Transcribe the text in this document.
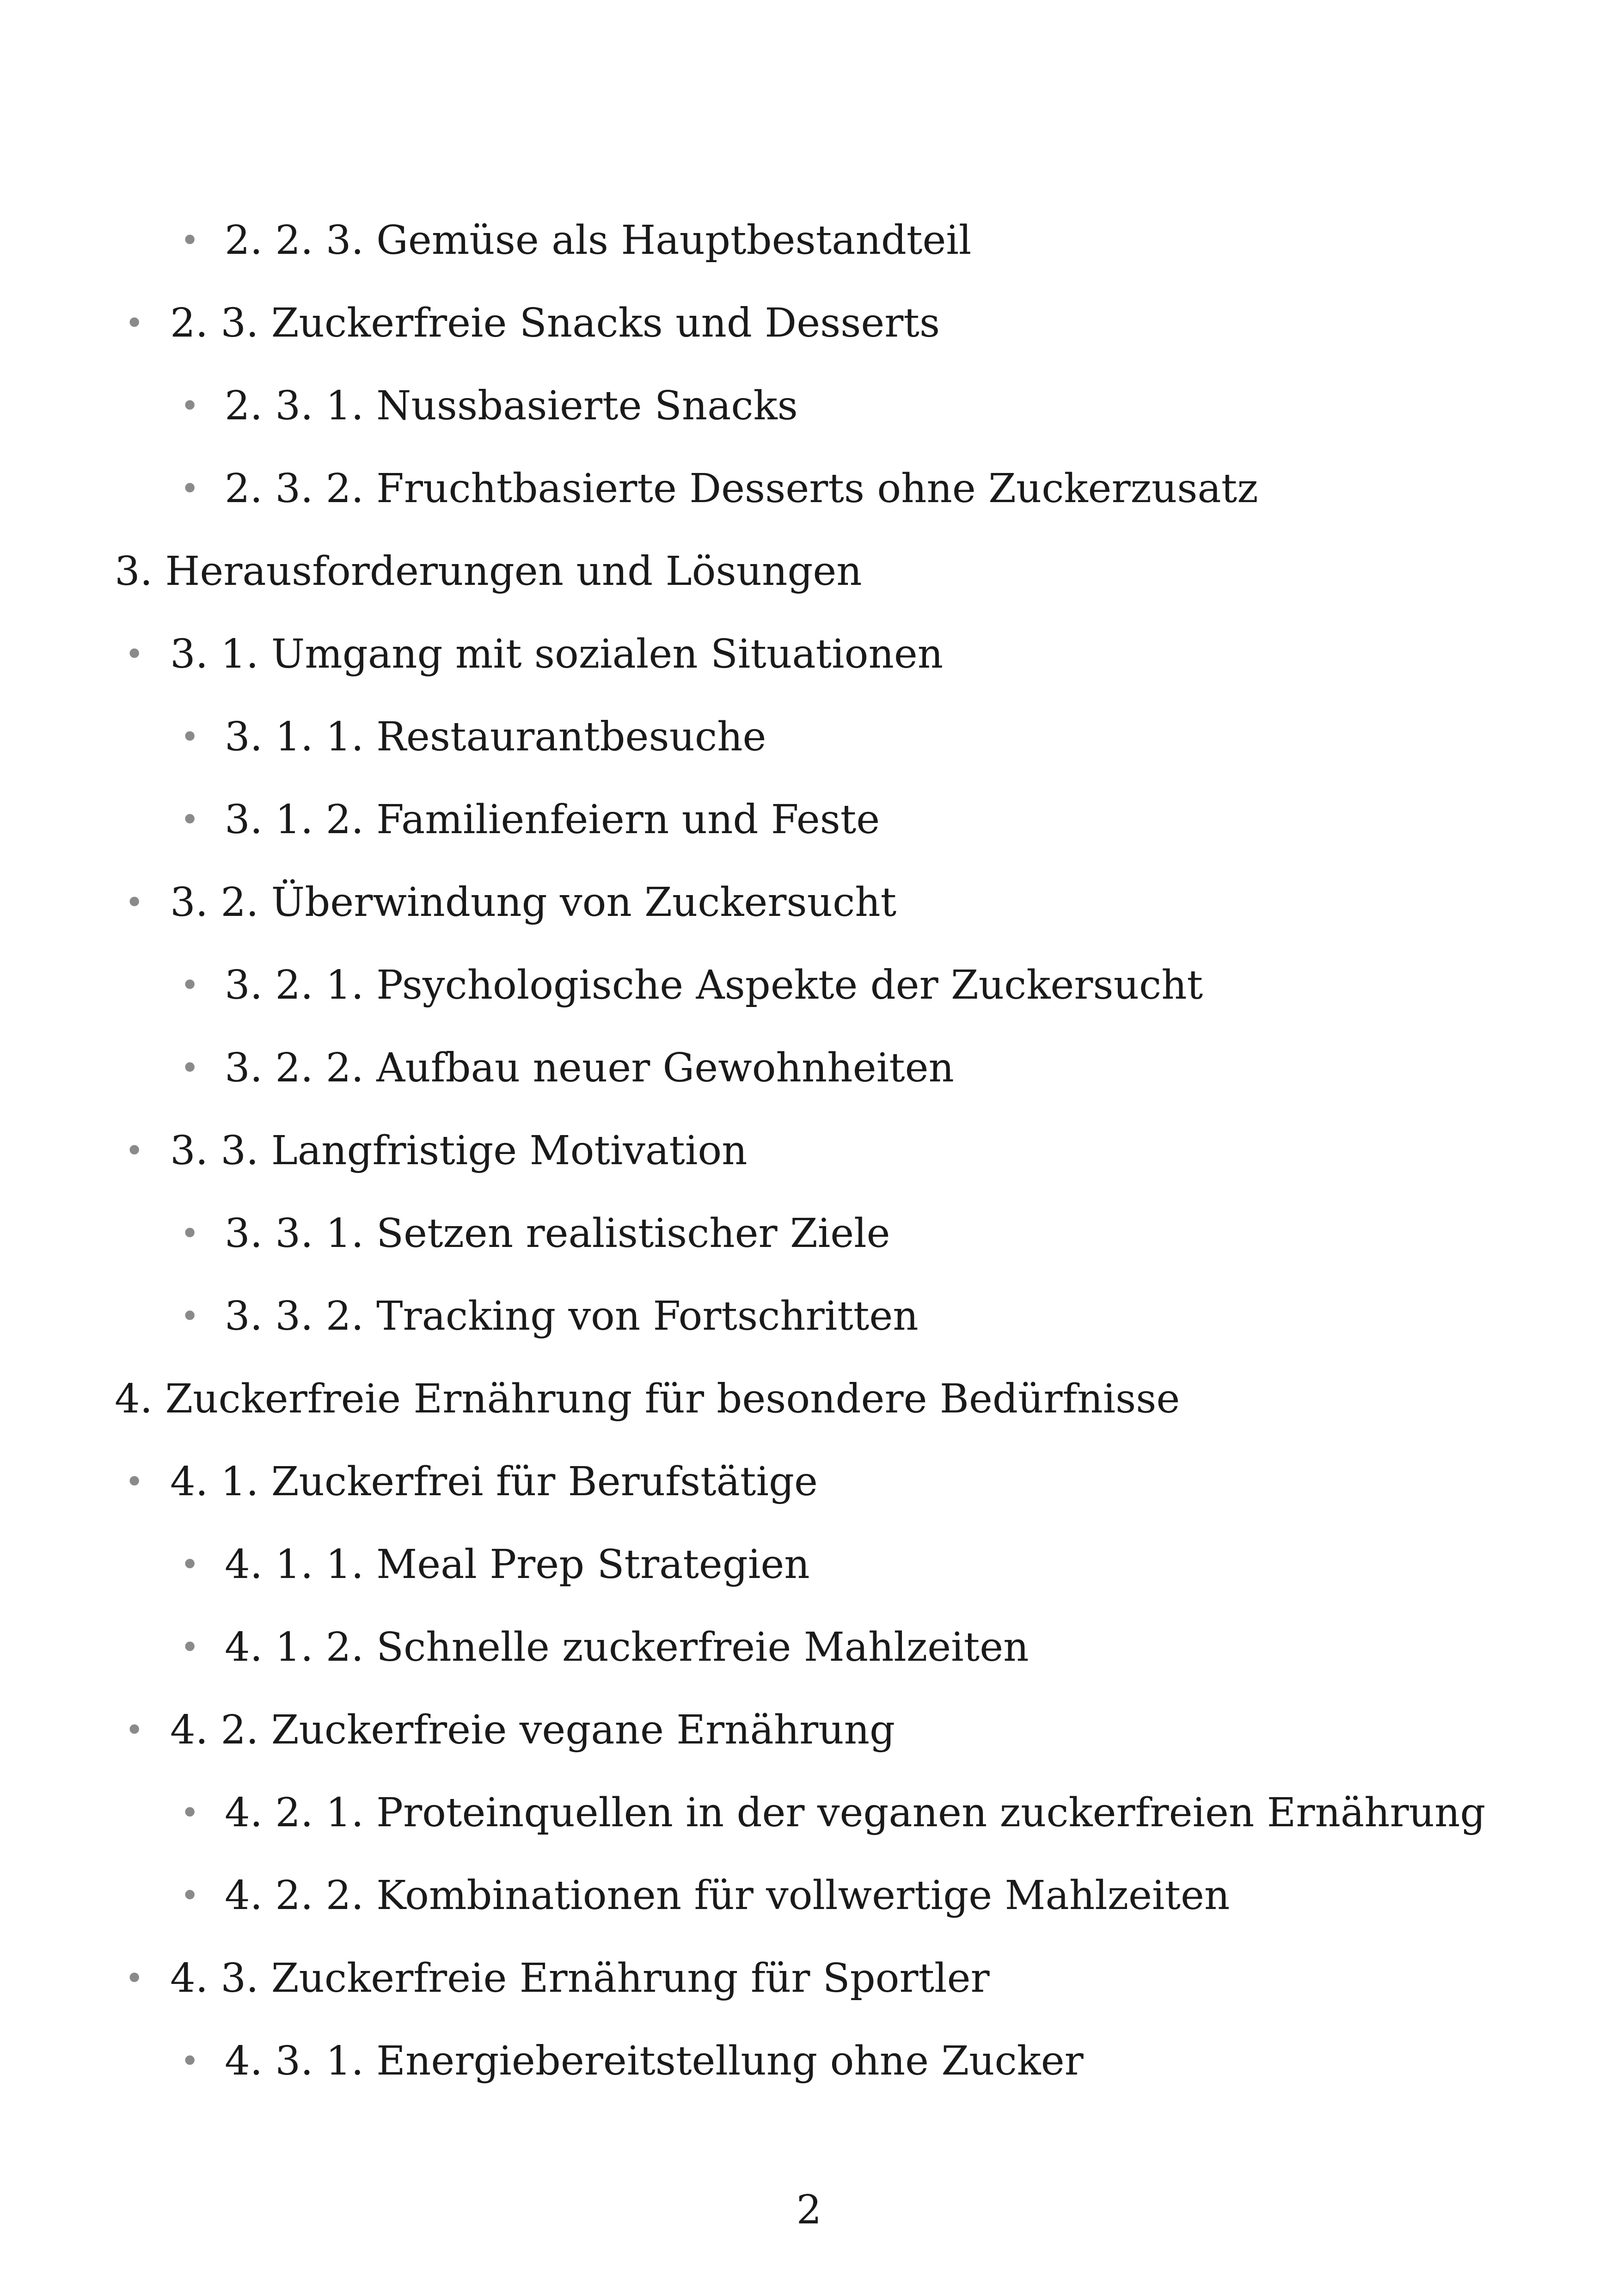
• 2. 2. 3. Gemüse als Hauptbestandteil
• 2. 3. Zuckerfreie Snacks und Desserts
• 2. 3. 1. Nussbasierte Snacks
• 2. 3. 2. Fruchtbasierte Desserts ohne Zuckerzusatz
3. Herausforderungen und Lösungen
• 3. 1. Umgang mit sozialen Situationen
• 3. 1. 1. Restaurantbesuche
• 3. 1. 2. Familienfeiern und Feste
• 3. 2. Überwindung von Zuckersucht
• 3. 2. 1. Psychologische Aspekte der Zuckersucht
• 3. 2. 2. Aufbau neuer Gewohnheiten
• 3. 3. Langfristige Motivation
• 3. 3. 1. Setzen realistischer Ziele
• 3. 3. 2. Tracking von Fortschritten
4. Zuckerfreie Ernährung für besondere Bedürfnisse
• 4. 1. Zuckerfrei für Berufstätige
• 4. 1. 1. Meal Prep Strategien
• 4. 1. 2. Schnelle zuckerfreie Mahlzeiten
• 4. 2. Zuckerfreie vegane Ernährung
• 4. 2. 1. Proteinquellen in der veganen zuckerfreien Ernährung
• 4. 2. 2. Kombinationen für vollwertige Mahlzeiten
• 4. 3. Zuckerfreie Ernährung für Sportler
• 4. 3. 1. Energiebereitstellung ohne Zucker
2
